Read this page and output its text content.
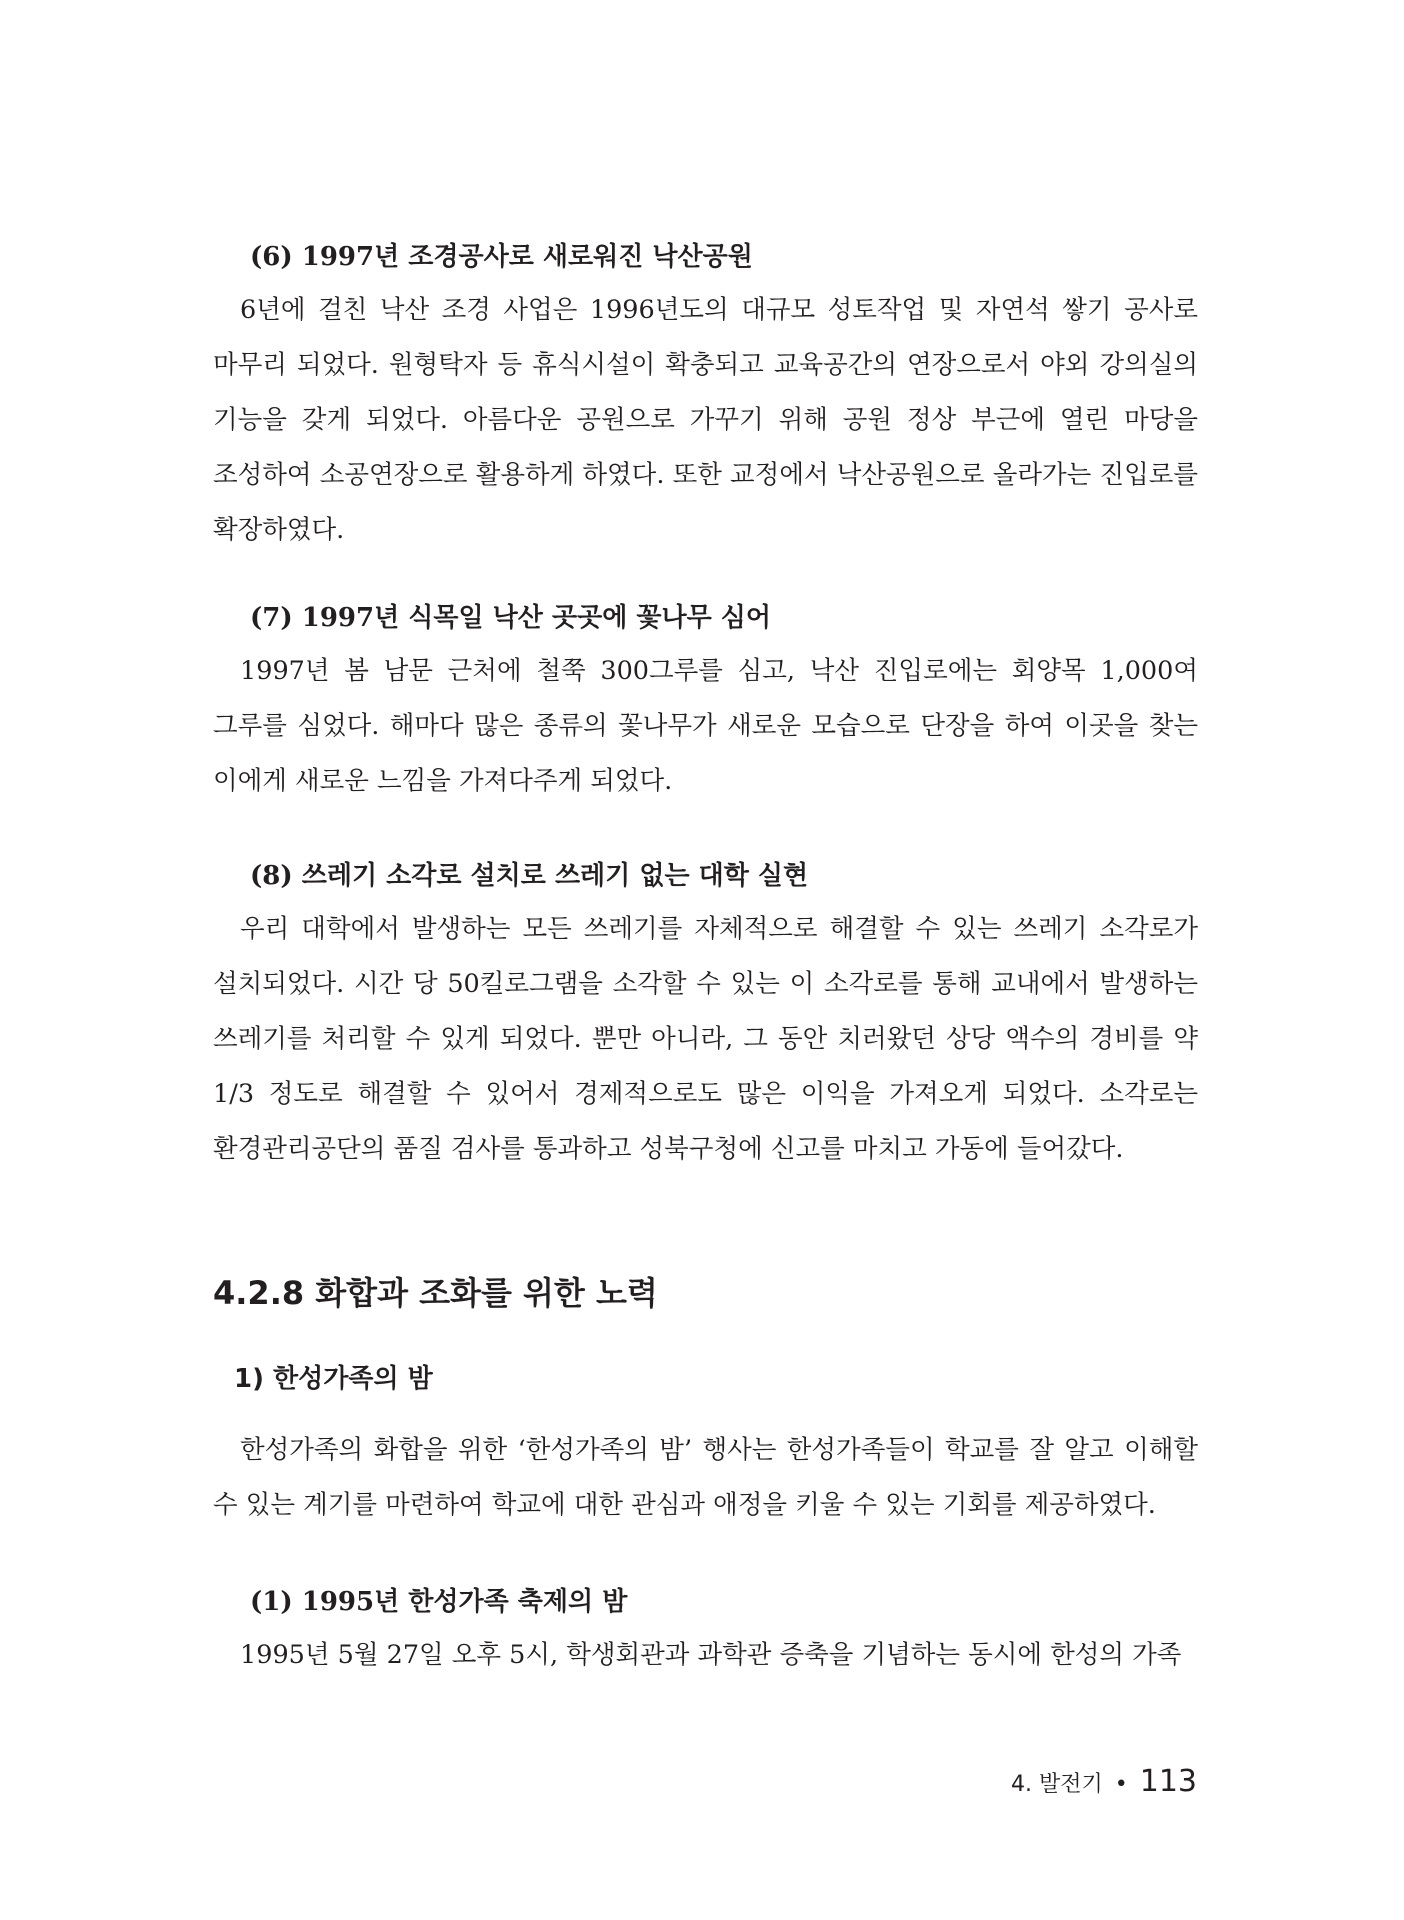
(6) 1997년 조경공사로 새로워진 낙산공원

6년에 걸친 낙산 조경 사업은 1996년도의 대규모 성토작업 및 자연석 쌓기 공사로 마무리 되었다. 원형탁자 등 휴식시설이 확충되고 교육공간의 연장으로서 야외 강의실의 기능을 갖게 되었다. 아름다운 공원으로 가꾸기 위해 공원 정상 부근에 열린 마당을 조성하여 소공연장으로 활용하게 하였다. 또한 교정에서 낙산공원으로 올라가는 진입로를 확장하였다.

(7) 1997년 식목일 낙산 곳곳에 꽃나무 심어

1997년 봄 남문 근처에 철쭉 300그루를 심고, 낙산 진입로에는 회양목 1,000여 그루를 심었다. 해마다 많은 종류의 꽃나무가 새로운 모습으로 단장을 하여 이곳을 찾는 이에게 새로운 느낌을 가져다주게 되었다.

(8) 쓰레기 소각로 설치로 쓰레기 없는 대학 실현

우리 대학에서 발생하는 모든 쓰레기를 자체적으로 해결할 수 있는 쓰레기 소각로가 설치되었다. 시간 당 50킬로그램을 소각할 수 있는 이 소각로를 통해 교내에서 발생하는 쓰레기를 처리할 수 있게 되었다. 뿐만 아니라, 그 동안 치러왔던 상당 액수의 경비를 약 1/3 정도로 해결할 수 있어서 경제적으로도 많은 이익을 가져오게 되었다. 소각로는 환경관리공단의 품질 검사를 통과하고 성북구청에 신고를 마치고 가동에 들어갔다.

4.2.8 화합과 조화를 위한 노력
1) 한성가족의 밤

한성가족의 화합을 위한 ‘한성가족의 밤’ 행사는 한성가족들이 학교를 잘 알고 이해할 수 있는 계기를 마련하여 학교에 대한 관심과 애정을 키울 수 있는 기회를 제공하였다.

(1) 1995년 한성가족 축제의 밤

1995년 5월 27일 오후 5시, 학생회관과 과학관 증축을 기념하는 동시에 한성의 가족

4. 발전기 • 113
